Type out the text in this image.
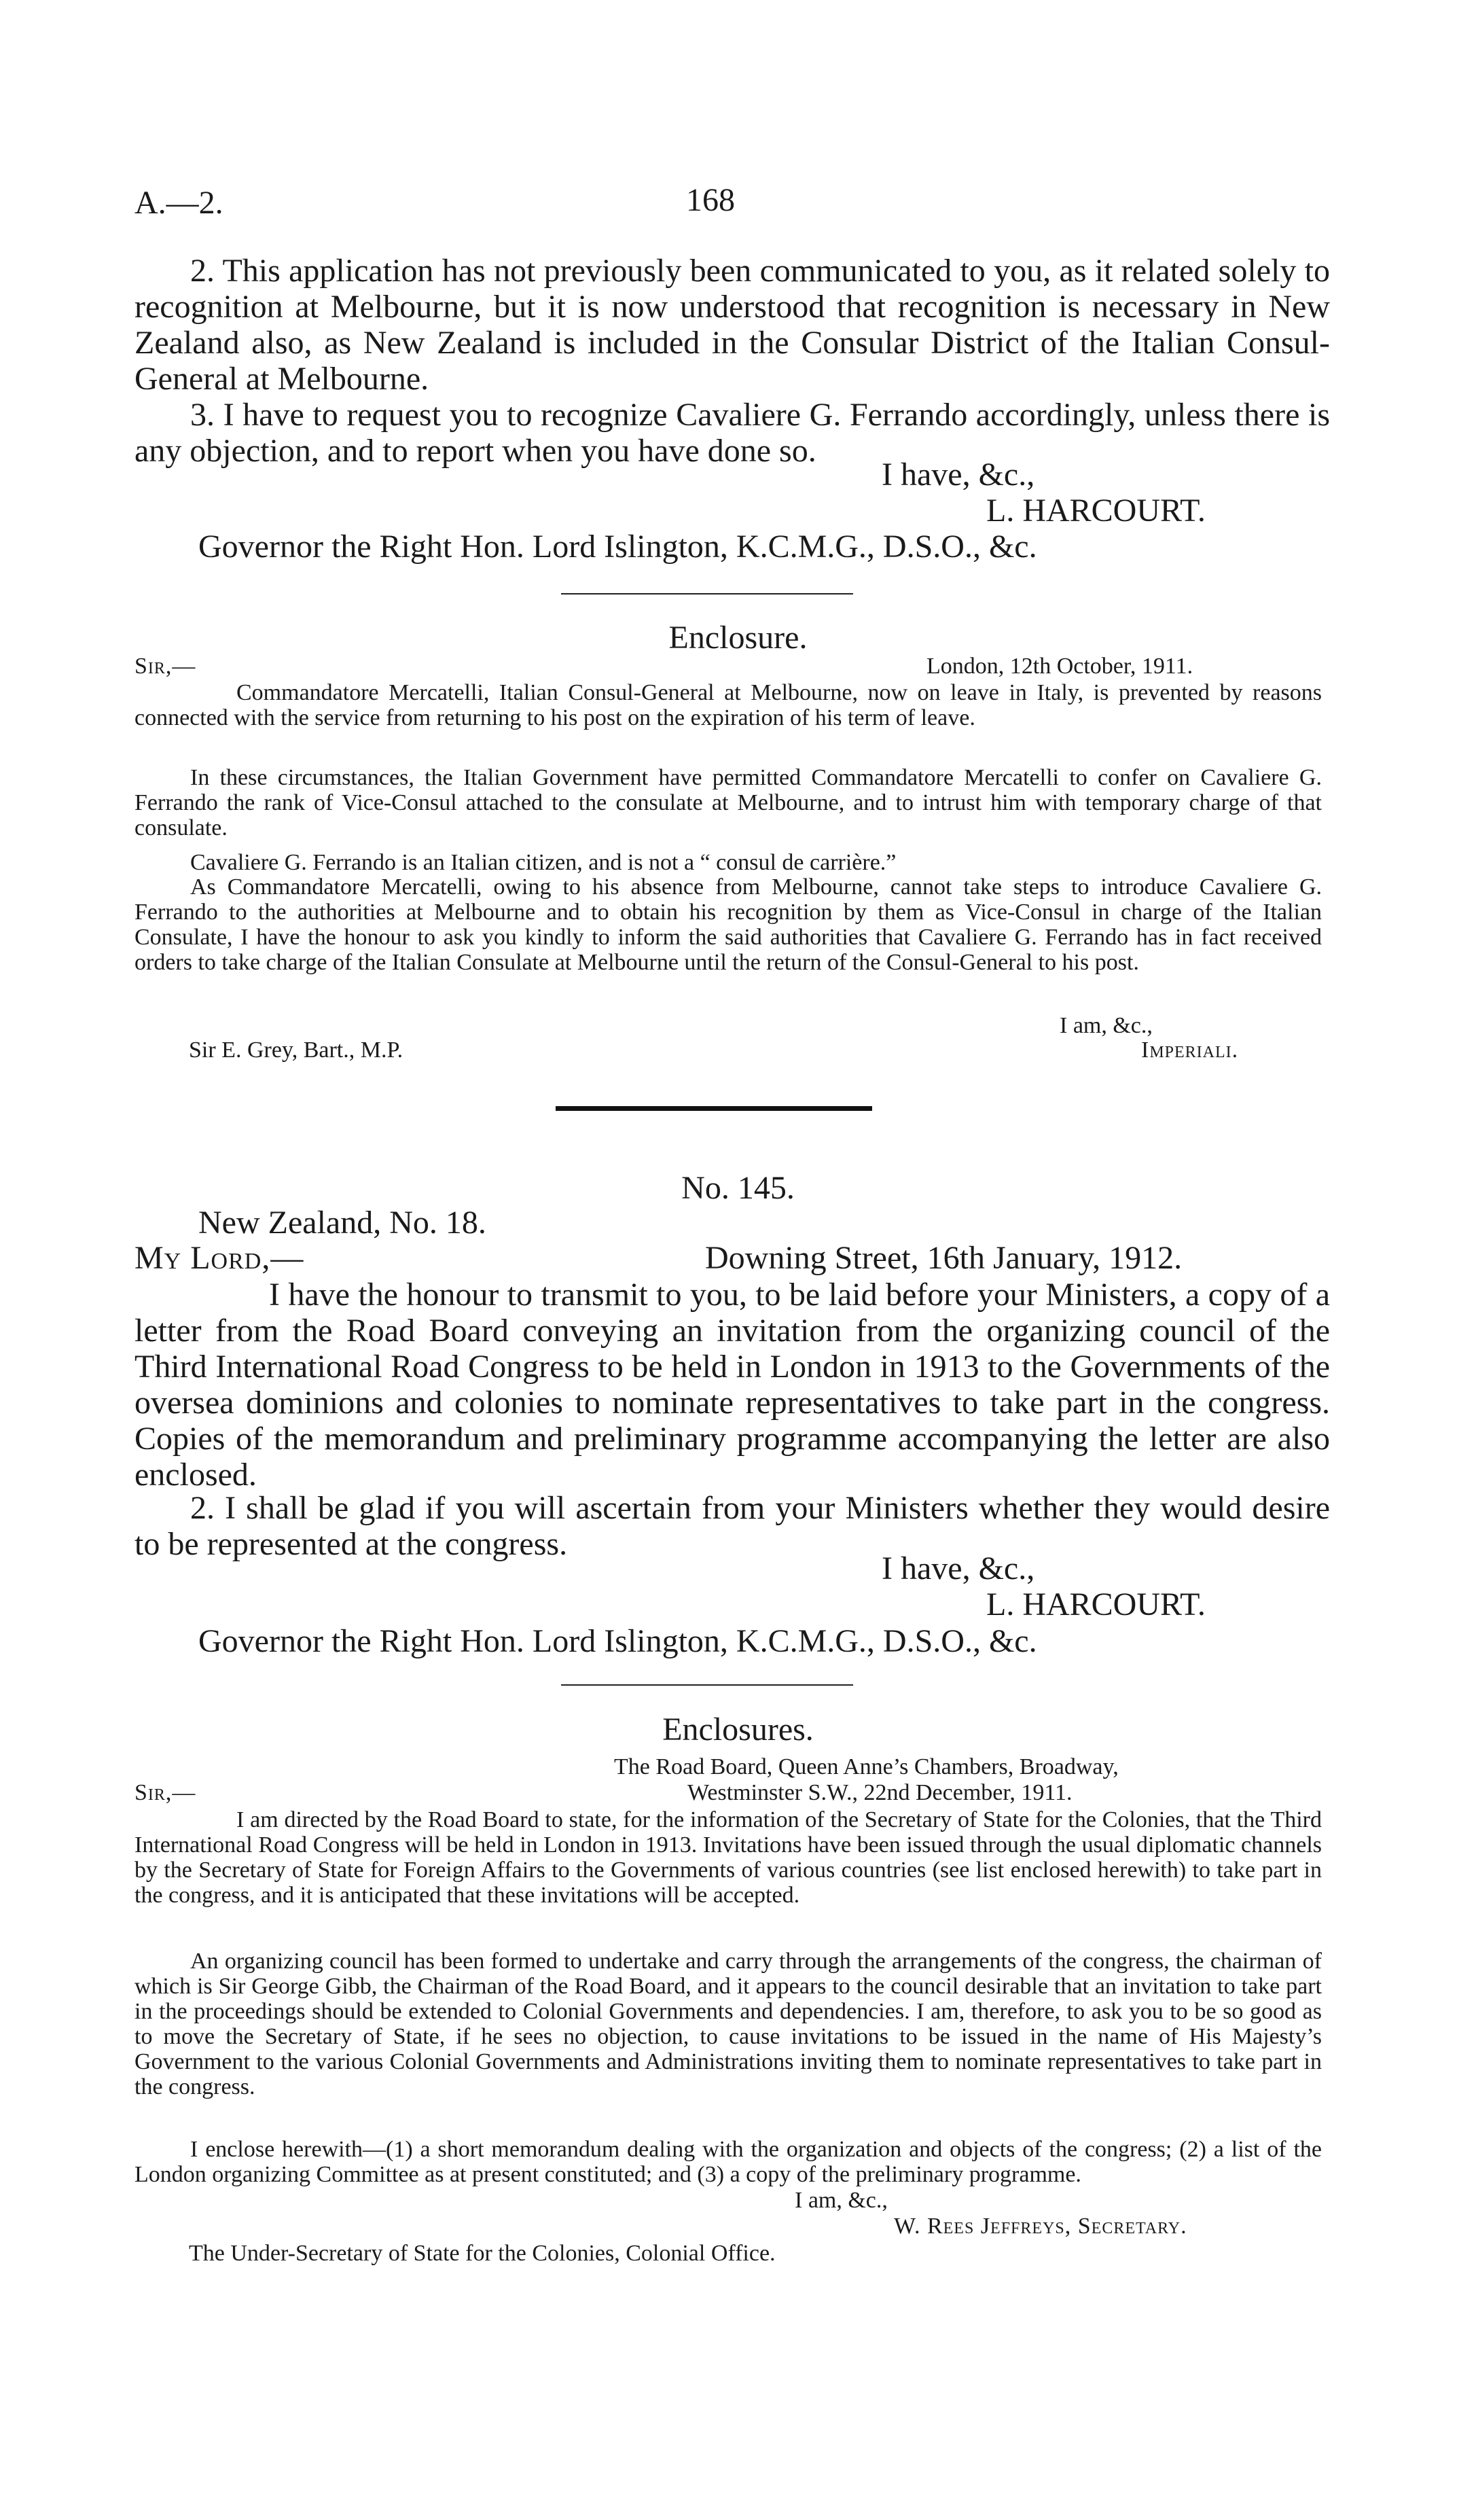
A.—2.	168
2. This application has not previously been communicated to you, as it related solely to recognition at Melbourne, but it is now understood that recognition is necessary in New Zealand also, as New Zealand is included in the Consular District of the Italian Consul-General at Melbourne.
3. I have to request you to recognize Cavaliere G. Ferrando accordingly, unless there is any objection, and to report when you have done so.
I have, &c.,
L. HARCOURT.
Governor the Right Hon. Lord Islington, K.C.M.G., D.S.O., &c.
Enclosure.
Sir,—	London, 12th October, 1911.
Commandatore Mercatelli, Italian Consul-General at Melbourne, now on leave in Italy, is prevented by reasons connected with the service from returning to his post on the expiration of his term of leave.
In these circumstances, the Italian Government have permitted Commandatore Mercatelli to confer on Cavaliere G. Ferrando the rank of Vice-Consul attached to the consulate at Melbourne, and to intrust him with temporary charge of that consulate.
Cavaliere G. Ferrando is an Italian citizen, and is not a “ consul de carrière.”
As Commandatore Mercatelli, owing to his absence from Melbourne, cannot take steps to introduce Cavaliere G. Ferrando to the authorities at Melbourne and to obtain his recognition by them as Vice-Consul in charge of the Italian Consulate, I have the honour to ask you kindly to inform the said authorities that Cavaliere G. Ferrando has in fact received orders to take charge of the Italian Consulate at Melbourne until the return of the Consul-General to his post.
I am, &c.,
Sir E. Grey, Bart., M.P.	Imperiali.
No. 145.
New Zealand, No. 18.
My Lord,—	Downing Street, 16th January, 1912.
I have the honour to transmit to you, to be laid before your Ministers, a copy of a letter from the Road Board conveying an invitation from the organizing council of the Third International Road Congress to be held in London in 1913 to the Governments of the oversea dominions and colonies to nominate representatives to take part in the congress. Copies of the memorandum and preliminary programme accompanying the letter are also enclosed.
2. I shall be glad if you will ascertain from your Ministers whether they would desire to be represented at the congress.
I have, &c.,
L. HARCOURT.
Governor the Right Hon. Lord Islington, K.C.M.G., D.S.O., &c.
Enclosures.
The Road Board, Queen Anne’s Chambers, Broadway,
Sir,—	Westminster S.W., 22nd December, 1911.
I am directed by the Road Board to state, for the information of the Secretary of State for the Colonies, that the Third International Road Congress will be held in London in 1913. Invitations have been issued through the usual diplomatic channels by the Secretary of State for Foreign Affairs to the Governments of various countries (see list enclosed herewith) to take part in the congress, and it is anticipated that these invitations will be accepted.
An organizing council has been formed to undertake and carry through the arrangements of the congress, the chairman of which is Sir George Gibb, the Chairman of the Road Board, and it appears to the council desirable that an invitation to take part in the proceedings should be extended to Colonial Governments and dependencies. I am, therefore, to ask you to be so good as to move the Secretary of State, if he sees no objection, to cause invitations to be issued in the name of His Majesty’s Government to the various Colonial Governments and Administrations inviting them to nominate representatives to take part in the congress.
I enclose herewith—(1) a short memorandum dealing with the organization and objects of the congress; (2) a list of the London organizing Committee as at present constituted; and (3) a copy of the preliminary programme.
I am, &c.,
W. Rees Jeffreys, Secretary.
The Under-Secretary of State for the Colonies, Colonial Office.
